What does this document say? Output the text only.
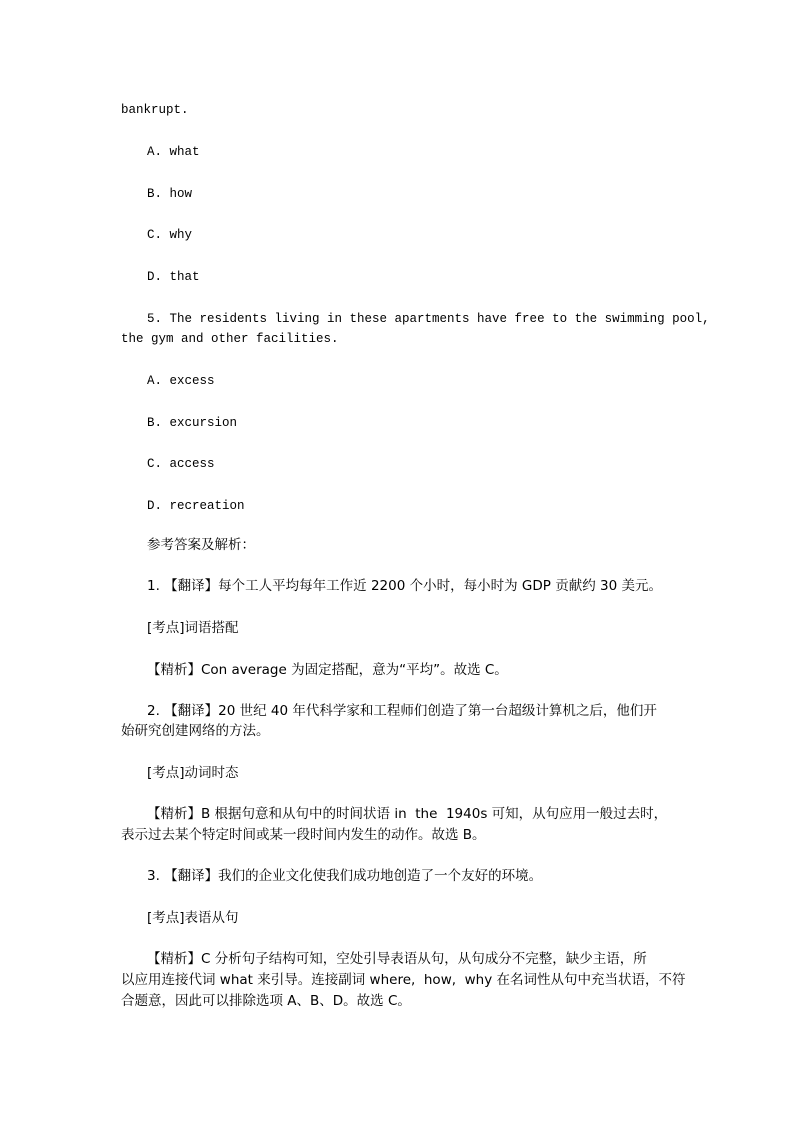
bankrupt.
A. what
B. how
C. why
D. that
5. The residents living in these apartments have free to the swimming pool,
the gym and other facilities.
A. excess
B. excursion
C. access
D. recreation
参考答案及解析：
1. 【翻译】每个工人平均每年工作近 2200 个小时，每小时为 GDP 贡献约 30 美元。
[考点]词语搭配
【精析】Con average 为固定搭配，意为“平均”。故选 C。
2. 【翻译】20 世纪 40 年代科学家和工程师们创造了第一台超级计算机之后，他们开
始研究创建网络的方法。
[考点]动词时态
【精析】B 根据句意和从句中的时间状语 in  the  1940s 可知，从句应用一般过去时，
表示过去某个特定时间或某一段时间内发生的动作。故选 B。
3. 【翻译】我们的企业文化使我们成功地创造了一个友好的环境。
[考点]表语从句
【精析】C 分析句子结构可知，空处引导表语从句，从句成分不完整，缺少主语，所
以应用连接代词 what 来引导。连接副词 where,  how,  why 在名词性从句中充当状语，不符
合题意，因此可以排除选项 A、B、D。故选 C。
